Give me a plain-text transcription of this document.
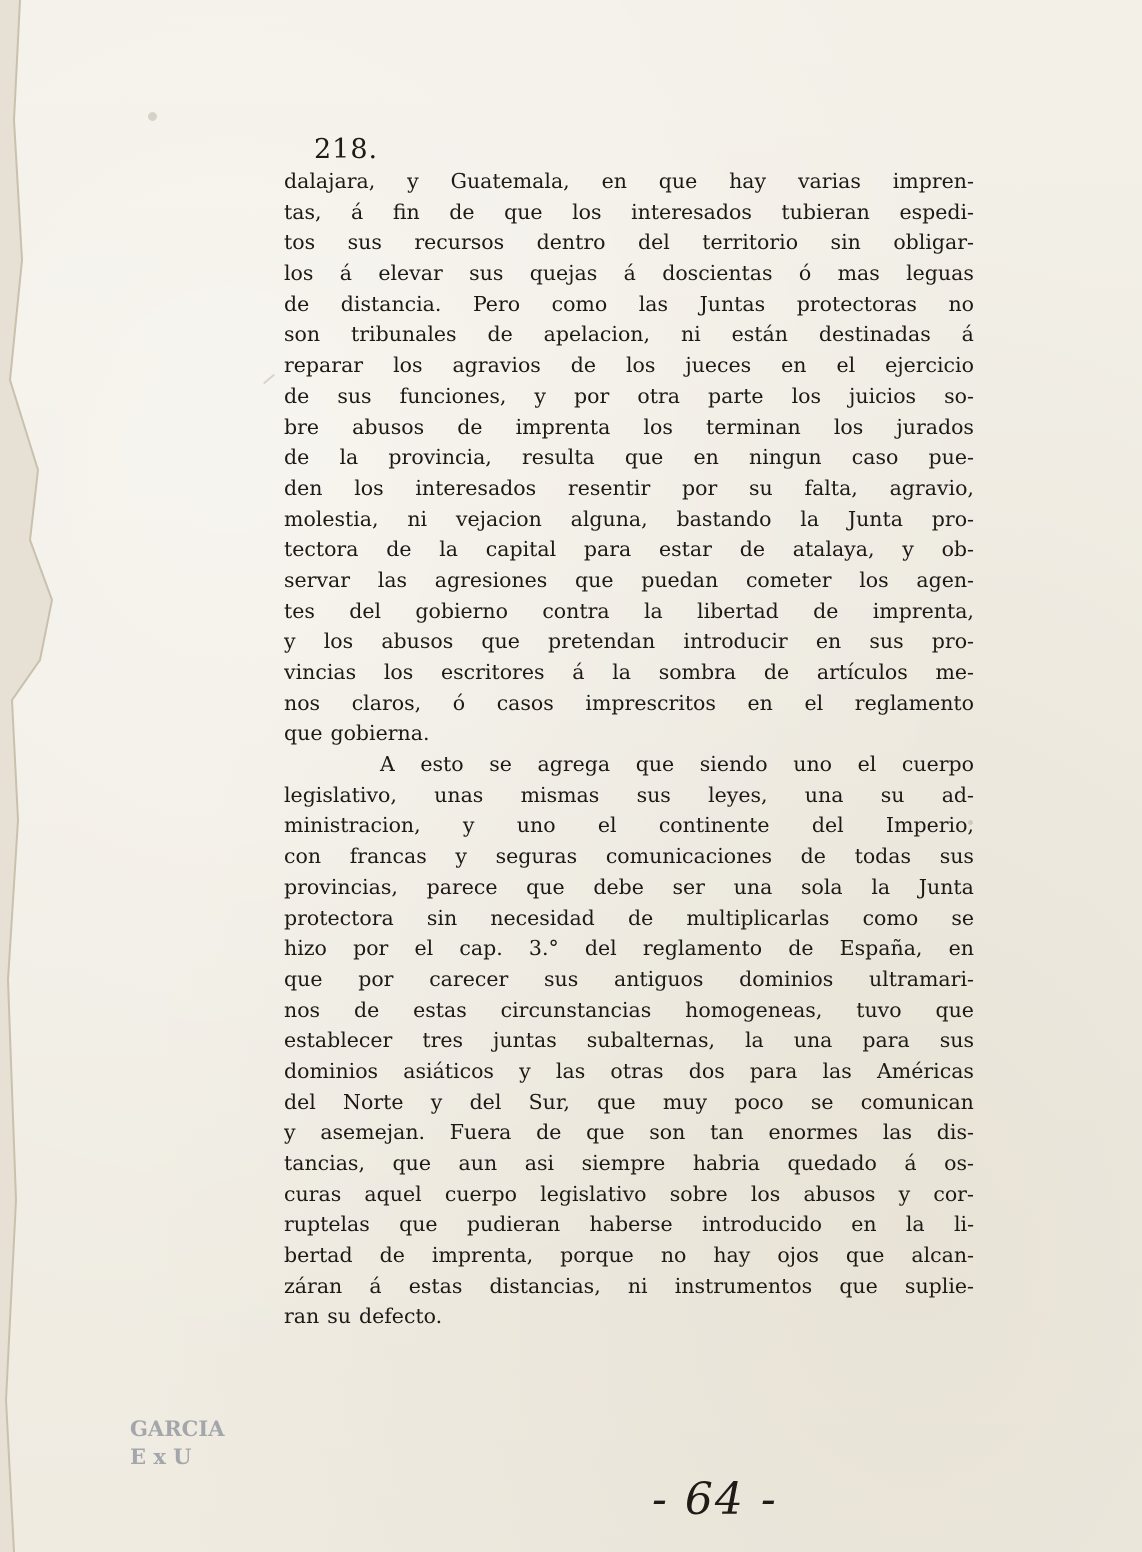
218.
dalajara, y Guatemala, en que hay varias impren-
tas, á fin de que los interesados tubieran espedi-
tos sus recursos dentro del territorio sin obligar-
los á elevar sus quejas á doscientas ó mas leguas
de distancia. Pero como las Juntas protectoras no
son tribunales de apelacion, ni están destinadas á
reparar los agravios de los jueces en el ejercicio
de sus funciones, y por otra parte los juicios so-
bre abusos de imprenta los terminan los jurados
de la provincia, resulta que en ningun caso pue-
den los interesados resentir por su falta, agravio,
molestia, ni vejacion alguna, bastando la Junta pro-
tectora de la capital para estar de atalaya, y ob-
servar las agresiones que puedan cometer los agen-
tes del gobierno contra la libertad de imprenta,
y los abusos que pretendan introducir en sus pro-
vincias los escritores á la sombra de artículos me-
nos claros, ó casos imprescritos en el reglamento
que gobierna.
A esto se agrega que siendo uno el cuerpo
legislativo, unas mismas sus leyes, una su ad-
ministracion, y uno el continente del Imperio,
con francas y seguras comunicaciones de todas sus
provincias, parece que debe ser una sola la Junta
protectora sin necesidad de multiplicarlas como se
hizo por el cap. 3.° del reglamento de España, en
que por carecer sus antiguos dominios ultramari-
nos de estas circunstancias homogeneas, tuvo que
establecer tres juntas subalternas, la una para sus
dominios asiáticos y las otras dos para las Américas
del Norte y del Sur, que muy poco se comunican
y asemejan. Fuera de que son tan enormes las dis-
tancias, que aun asi siempre habria quedado á os-
curas aquel cuerpo legislativo sobre los abusos y cor-
ruptelas que pudieran haberse introducido en la li-
bertad de imprenta, porque no hay ojos que alcan-
záran á estas distancias, ni instrumentos que suplie-
ran su defecto.
GARCIA
E x U
- 64 -
